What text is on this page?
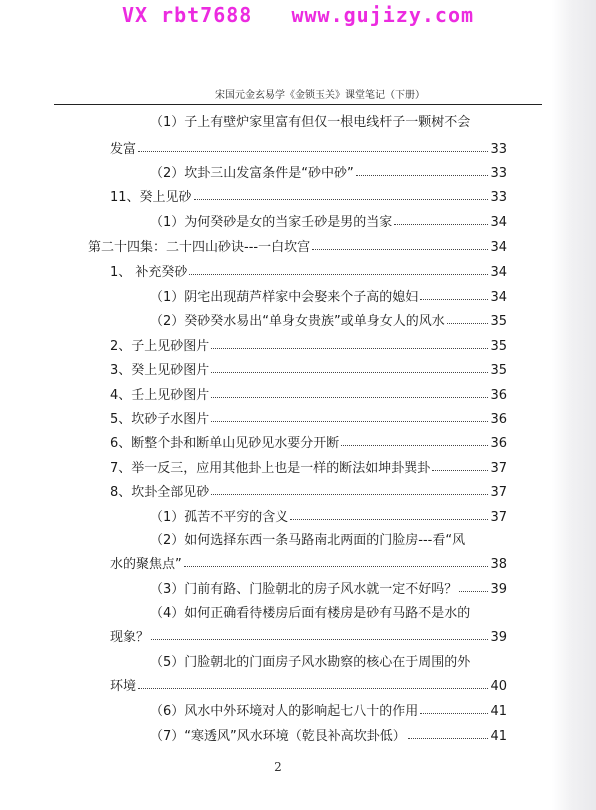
VX rbt7688   www.gujizy.com
宋国元金玄易学《金锁玉关》课堂笔记（下册）
（1）子上有壁炉家里富有但仅一根电线杆子一颗树不会
发富	33
（2）坎卦三山发富条件是“砂中砂”	33
11、癸上见砂	33
（1）为何癸砂是女的当家壬砂是男的当家	34
第二十四集：二十四山砂诀---一白坎宫	34
1、 补充癸砂	34
（1）阴宅出现葫芦样家中会娶来个子高的媳妇	34
（2）癸砂癸水易出“单身女贵族”或单身女人的风水	35
2、子上见砂图片	35
3、癸上见砂图片	35
4、壬上见砂图片	36
5、坎砂子水图片	36
6、断整个卦和断单山见砂见水要分开断	36
7、举一反三，应用其他卦上也是一样的断法如坤卦巽卦	37
8、坎卦全部见砂	37
（1）孤苦不平穷的含义	37
（2）如何选择东西一条马路南北两面的门脸房---看“风
水的聚焦点”	38
（3）门前有路、门脸朝北的房子风水就一定不好吗？	39
（4）如何正确看待楼房后面有楼房是砂有马路不是水的
现象？	39
（5）门脸朝北的门面房子风水勘察的核心在于周围的外
环境	40
（6）风水中外环境对人的影响起七八十的作用	41
（7）“寒透风”风水环境（乾艮补高坎卦低）	41
2
